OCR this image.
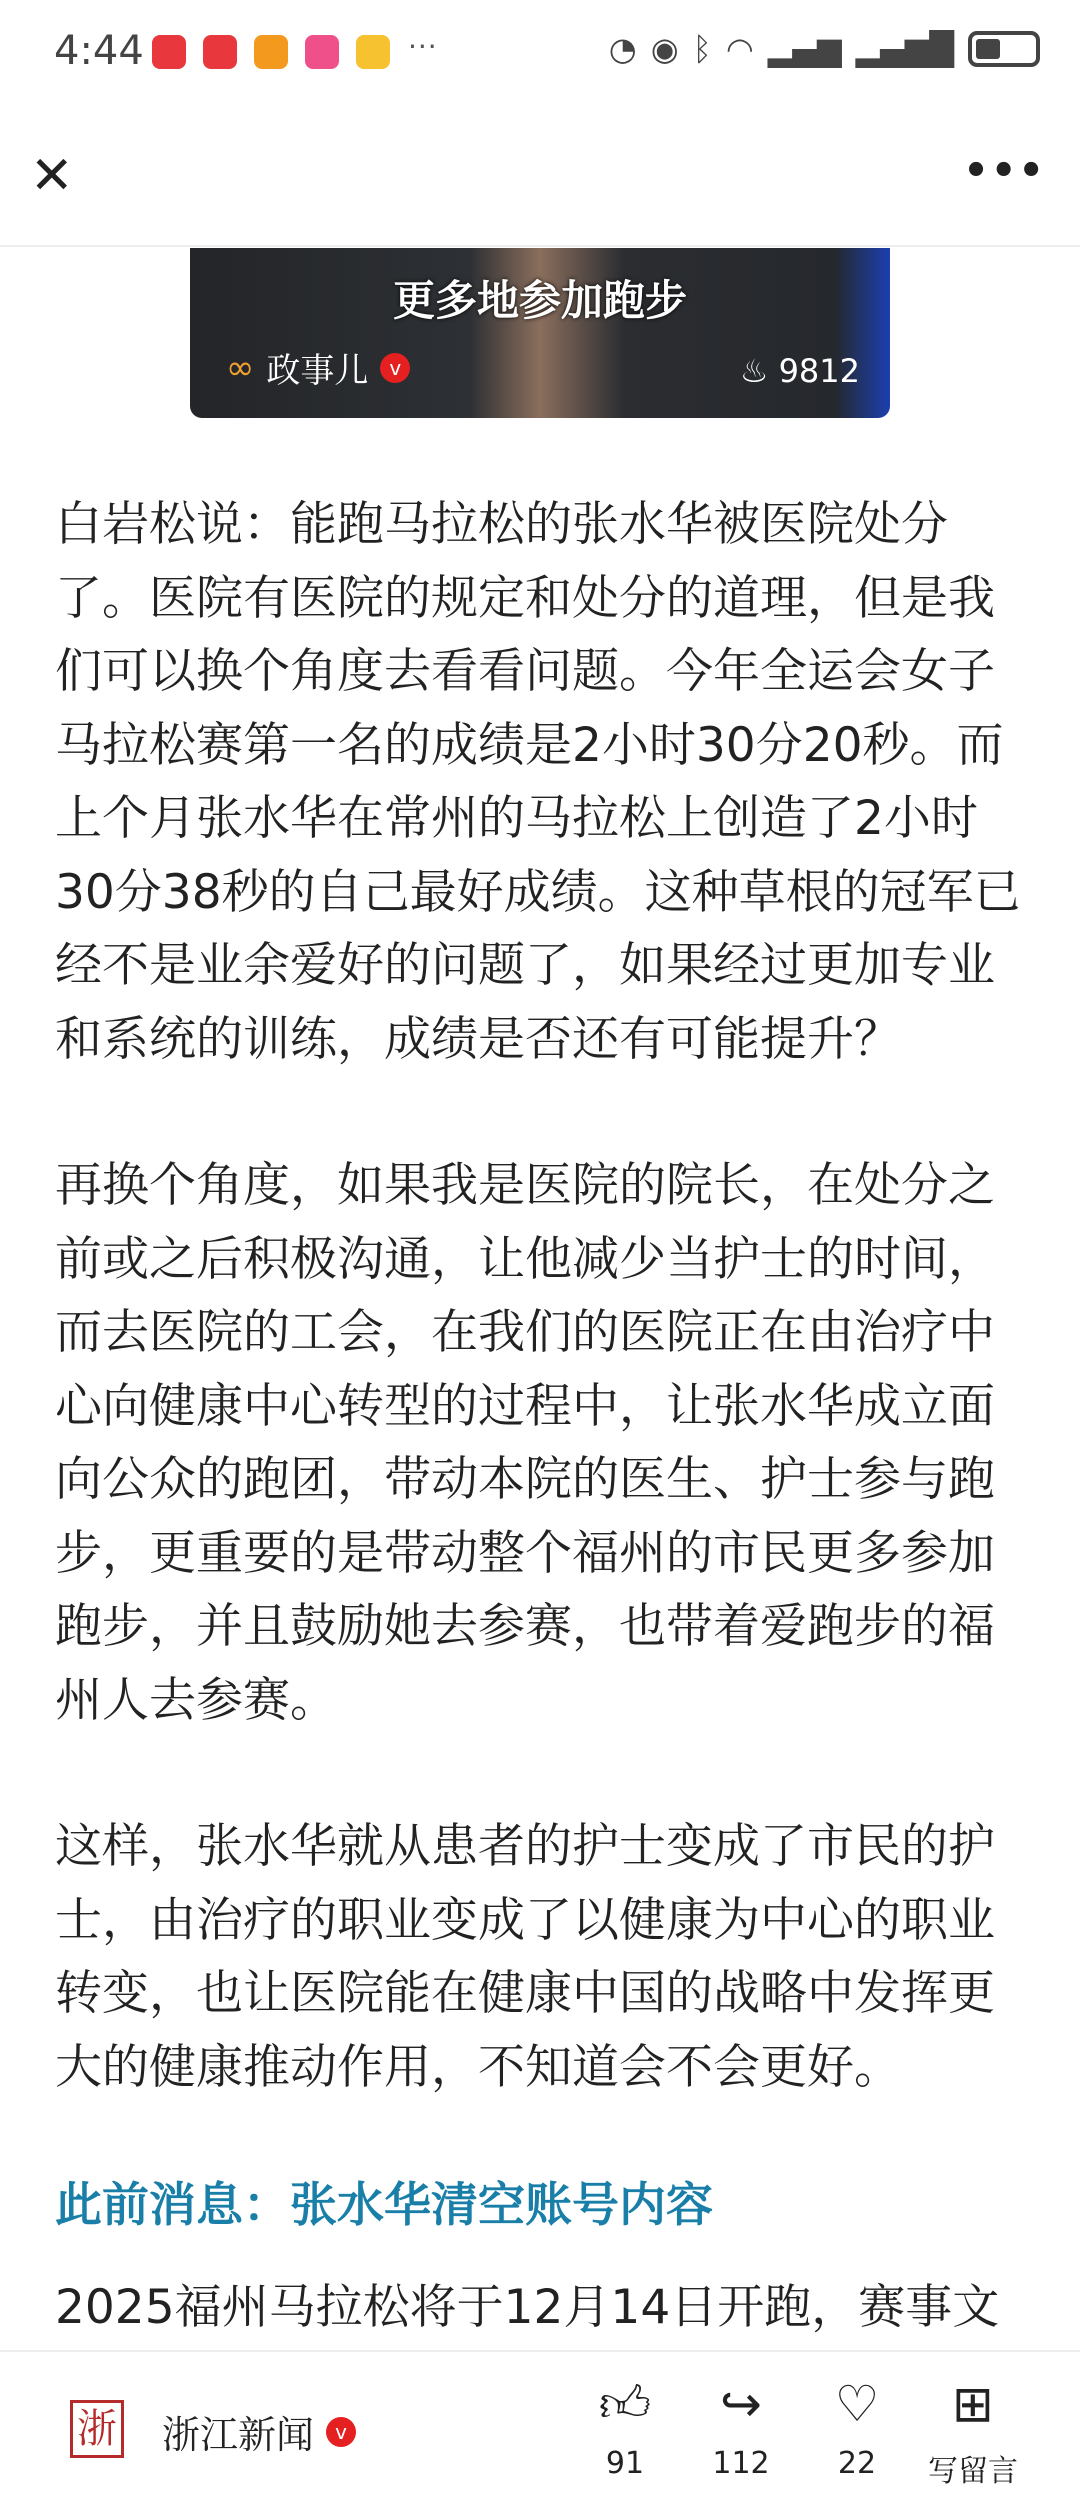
4:44	···	◔ ◉ ᛒ ◠ ▂▄▆ ▂▄▆█
✕	•••
更多地参加跑步
∞ 政事儿	v	♨ 9812
白岩松说：能跑马拉松的张水华被医院处分
了。医院有医院的规定和处分的道理，但是我
们可以换个角度去看看问题。今年全运会女子
马拉松赛第一名的成绩是2小时30分20秒。而
上个月张水华在常州的马拉松上创造了2小时
30分38秒的自己最好成绩。这种草根的冠军已
经不是业余爱好的问题了，如果经过更加专业
和系统的训练，成绩是否还有可能提升？
再换个角度，如果我是医院的院长，在处分之
前或之后积极沟通，让他减少当护士的时间，
而去医院的工会，在我们的医院正在由治疗中
心向健康中心转型的过程中，让张水华成立面
向公众的跑团，带动本院的医生、护士参与跑
步，更重要的是带动整个福州的市民更多参加
跑步，并且鼓励她去参赛，也带着爱跑步的福
州人去参赛。
这样，张水华就从患者的护士变成了市民的护
士，由治疗的职业变成了以健康为中心的职业
转变，也让医院能在健康中国的战略中发挥更
大的健康推动作用，不知道会不会更好。
此前消息：张水华清空账号内容
2025福州马拉松将于12月14日开跑，赛事文
浙 浙江新闻	v	👍︎
91
↪
112
♡
22
⊞
写留言
